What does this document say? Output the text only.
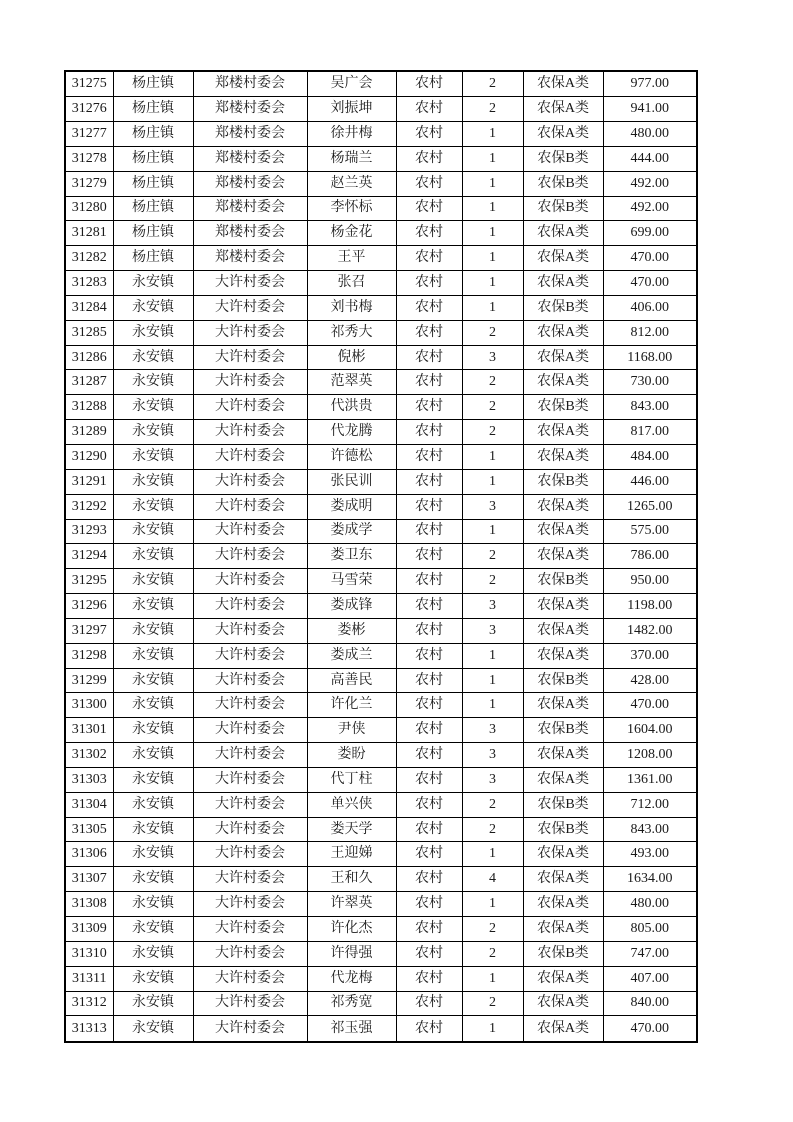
31275	杨庄镇	郑楼村委会	吴广会	农村	2	农保A类	977.00
31276	杨庄镇	郑楼村委会	刘振坤	农村	2	农保A类	941.00
31277	杨庄镇	郑楼村委会	徐井梅	农村	1	农保A类	480.00
31278	杨庄镇	郑楼村委会	杨瑞兰	农村	1	农保B类	444.00
31279	杨庄镇	郑楼村委会	赵兰英	农村	1	农保B类	492.00
31280	杨庄镇	郑楼村委会	李怀标	农村	1	农保B类	492.00
31281	杨庄镇	郑楼村委会	杨金花	农村	1	农保A类	699.00
31282	杨庄镇	郑楼村委会	王平	农村	1	农保A类	470.00
31283	永安镇	大许村委会	张召	农村	1	农保A类	470.00
31284	永安镇	大许村委会	刘书梅	农村	1	农保B类	406.00
31285	永安镇	大许村委会	祁秀大	农村	2	农保A类	812.00
31286	永安镇	大许村委会	倪彬	农村	3	农保A类	1168.00
31287	永安镇	大许村委会	范翠英	农村	2	农保A类	730.00
31288	永安镇	大许村委会	代洪贵	农村	2	农保B类	843.00
31289	永安镇	大许村委会	代龙腾	农村	2	农保A类	817.00
31290	永安镇	大许村委会	许德松	农村	1	农保A类	484.00
31291	永安镇	大许村委会	张民训	农村	1	农保B类	446.00
31292	永安镇	大许村委会	娄成明	农村	3	农保A类	1265.00
31293	永安镇	大许村委会	娄成学	农村	1	农保A类	575.00
31294	永安镇	大许村委会	娄卫东	农村	2	农保A类	786.00
31295	永安镇	大许村委会	马雪荣	农村	2	农保B类	950.00
31296	永安镇	大许村委会	娄成锋	农村	3	农保A类	1198.00
31297	永安镇	大许村委会	娄彬	农村	3	农保A类	1482.00
31298	永安镇	大许村委会	娄成兰	农村	1	农保A类	370.00
31299	永安镇	大许村委会	高善民	农村	1	农保B类	428.00
31300	永安镇	大许村委会	许化兰	农村	1	农保A类	470.00
31301	永安镇	大许村委会	尹侠	农村	3	农保B类	1604.00
31302	永安镇	大许村委会	娄盼	农村	3	农保A类	1208.00
31303	永安镇	大许村委会	代丁柱	农村	3	农保A类	1361.00
31304	永安镇	大许村委会	单兴侠	农村	2	农保B类	712.00
31305	永安镇	大许村委会	娄天学	农村	2	农保B类	843.00
31306	永安镇	大许村委会	王迎娣	农村	1	农保A类	493.00
31307	永安镇	大许村委会	王和久	农村	4	农保A类	1634.00
31308	永安镇	大许村委会	许翠英	农村	1	农保A类	480.00
31309	永安镇	大许村委会	许化杰	农村	2	农保A类	805.00
31310	永安镇	大许村委会	许得强	农村	2	农保B类	747.00
31311	永安镇	大许村委会	代龙梅	农村	1	农保A类	407.00
31312	永安镇	大许村委会	祁秀宽	农村	2	农保A类	840.00
31313	永安镇	大许村委会	祁玉强	农村	1	农保A类	470.00
